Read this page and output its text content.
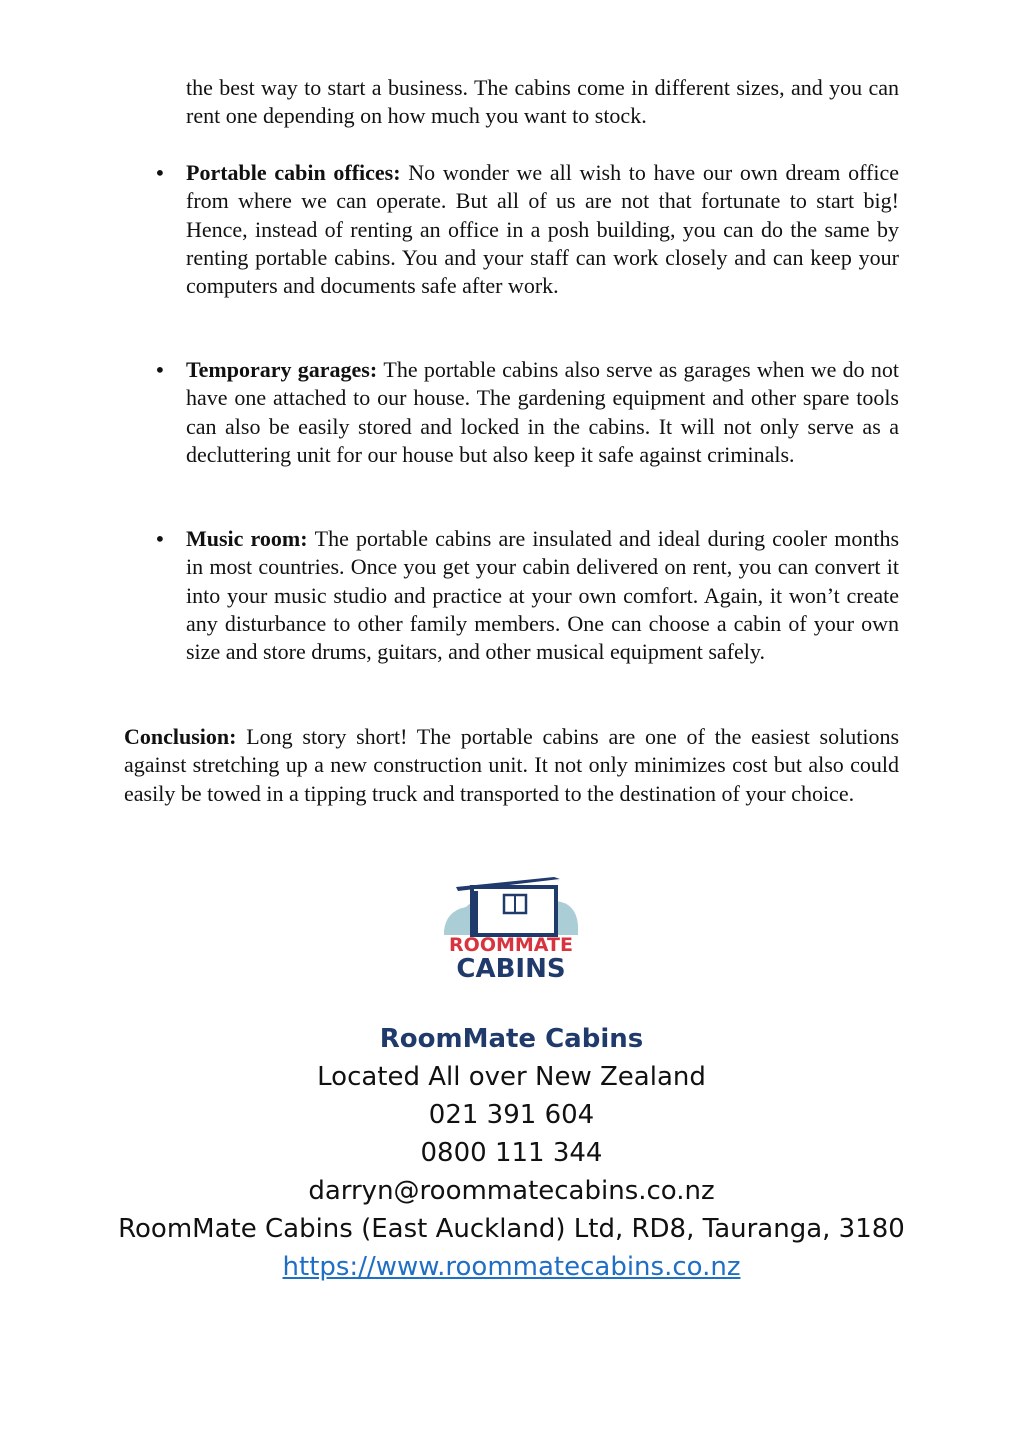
the best way to start a business. The cabins come in different sizes, and you can rent one depending on how much you want to stock.

• Portable cabin offices: No wonder we all wish to have our own dream office from where we can operate. But all of us are not that fortunate to start big! Hence, instead of renting an office in a posh building, you can do the same by renting portable cabins. You and your staff can work closely and can keep your computers and documents safe after work.

• Temporary garages: The portable cabins also serve as garages when we do not have one attached to our house. The gardening equipment and other spare tools can also be easily stored and locked in the cabins. It will not only serve as a decluttering unit for our house but also keep it safe against criminals.

• Music room: The portable cabins are insulated and ideal during cooler months in most countries. Once you get your cabin delivered on rent, you can convert it into your music studio and practice at your own comfort. Again, it won’t create any disturbance to other family members. One can choose a cabin of your own size and store drums, guitars, and other musical equipment safely.

Conclusion: Long story short! The portable cabins are one of the easiest solutions against stretching up a new construction unit. It not only minimizes cost but also could easily be towed in a tipping truck and transported to the destination of your choice.

ROOMMATE
CABINS
RoomMate Cabins
Located All over New Zealand
021 391 604
0800 111 344
darryn@roommatecabins.co.nz
RoomMate Cabins (East Auckland) Ltd, RD8, Tauranga, 3180
https://www.roommatecabins.co.nz
